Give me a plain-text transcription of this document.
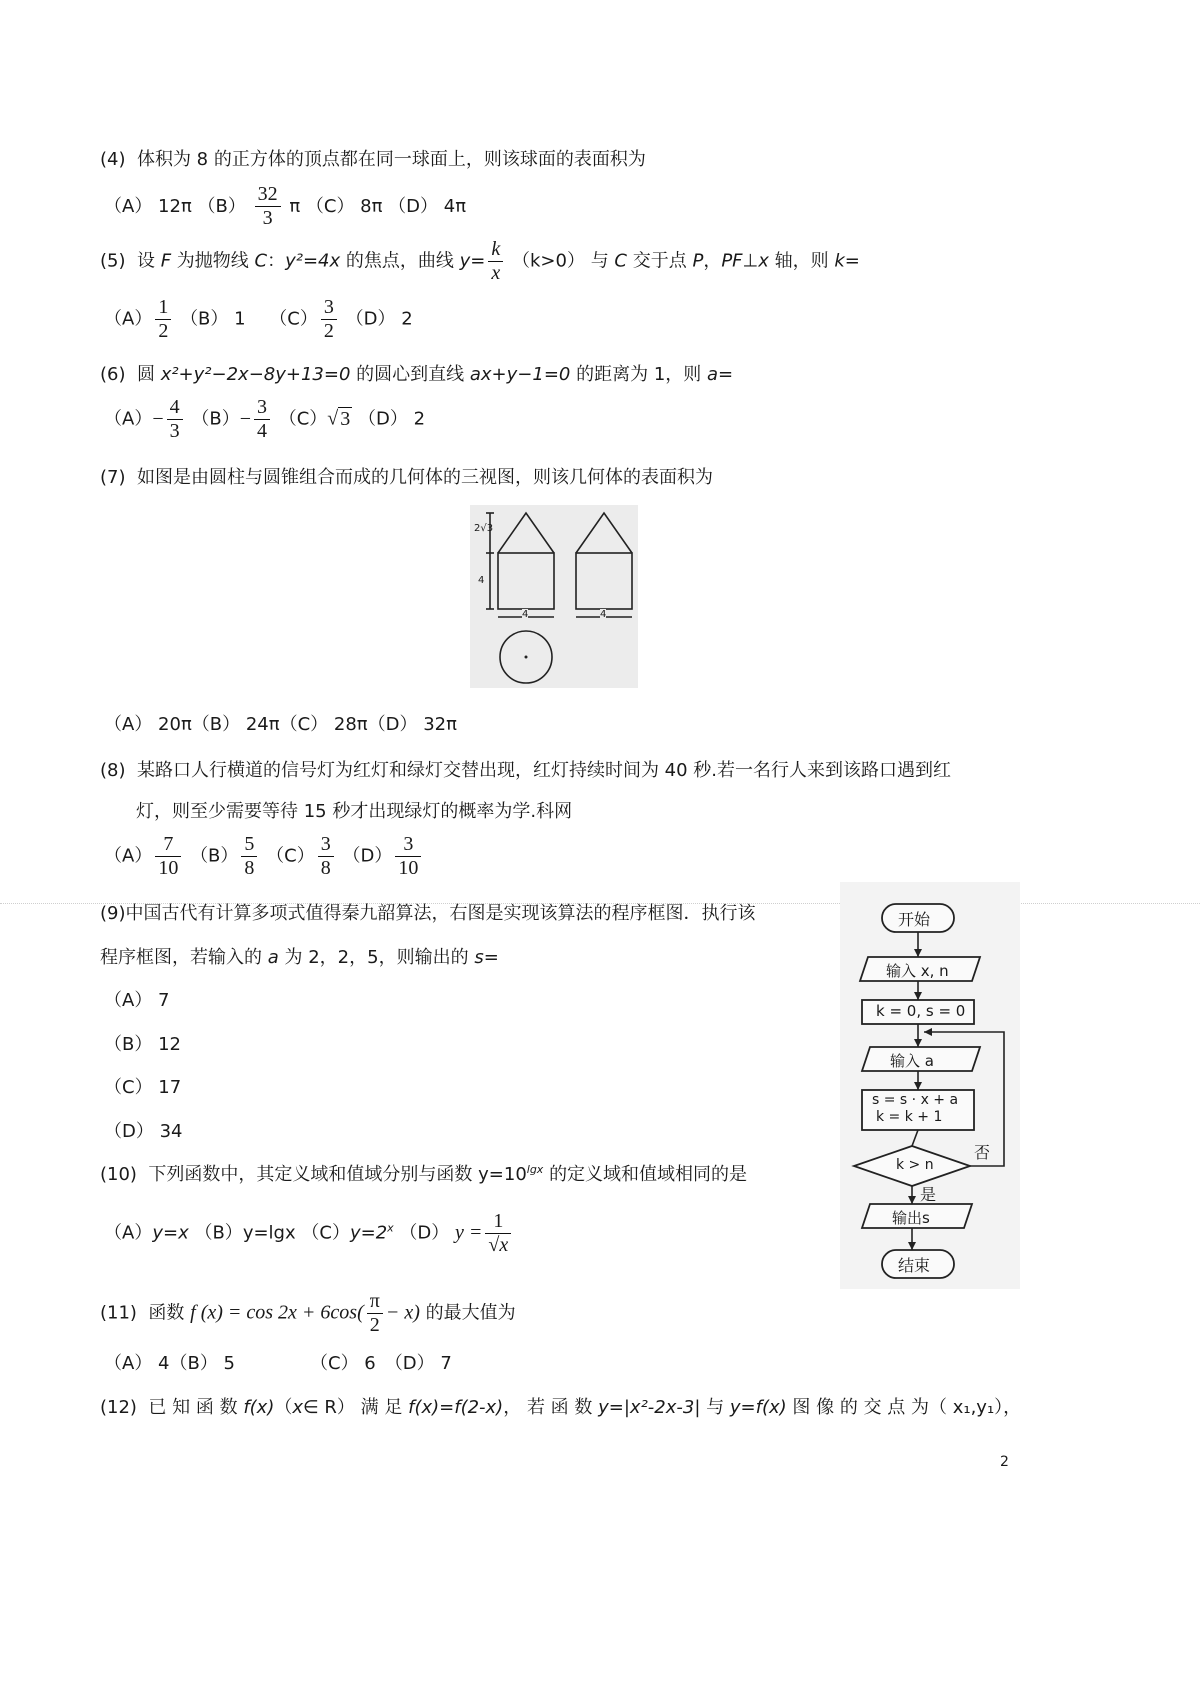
(4) 体积为 8 的正方体的顶点都在同一球面上，则该球面的表面积为
（A） 12π $(B) \frac{32}{3}$ π （C） 8π （D） 4π
(5) 设 F 为抛物线 C：y²=4x 的焦点，曲线 $y= \frac{k}{x} (k>0)$ 与 C 交于点 P，PF⊥x 轴，则 k=
$(A) \frac{1}{2} (B)$ 1　 $(C) \frac{3}{2} (D)$ 2
(6) 圆 x²+y²−2x−8y+13=0 的圆心到直线 ax+y−1=0 的距离为 1，则 a=
$(A)- \frac{4}{3} (B)- \frac{3}{4} (C)√$ 3 （D） 2
(7) 如图是由圆柱与圆锥组合而成的几何体的三视图，则该几何体的表面积为
2√3
4
4	4
（A） 20π（B） 24π（C） 28π（D） 32π
(8) 某路口人行横道的信号灯为红灯和绿灯交替出现，红灯持续时间为 40 秒.若一名行人来到该路口遇到红
灯，则至少需要等待 15 秒才出现绿灯的概率为学.科网
$(A) \frac{7}{10} (B) \frac{5}{8} (C) \frac{3}{8} (D) \frac{3}{10}$
(9)中国古代有计算多项式值得秦九韶算法，右图是实现该算法的程序框图．执行该
程序框图，若输入的 a 为 2，2，5，则输出的 s=
（A） 7
（B） 12
（C） 17
（D） 34
开始
输入 x, n
k = 0, s = 0
输入 a
s = s · x + a
k = k + 1
k > n
否
是
输出s
结束
(10) 下列函数中，其定义域和值域分别与函数 $y=10^{lgx}$ 的定义域和值域相同的是
（A）y=x （B）y=lgx $(C)y=2^x$ （D） $y = \frac{1}{√x}$
(11) 函数 f $(x) = \cos 2x + 6\cos( \frac{\pi}{2} - x)$ 的最大值为
（A） 4（B） 5	（C） 6　（D） 7
(12) 已 知 函 数 f(x)（x∈ R） 满 足 f(x)=f(2-x)， 若 函 数 y=|x²-2x-3| 与 y=f(x) 图 像 的 交 点 为（ x₁,y₁），
2
